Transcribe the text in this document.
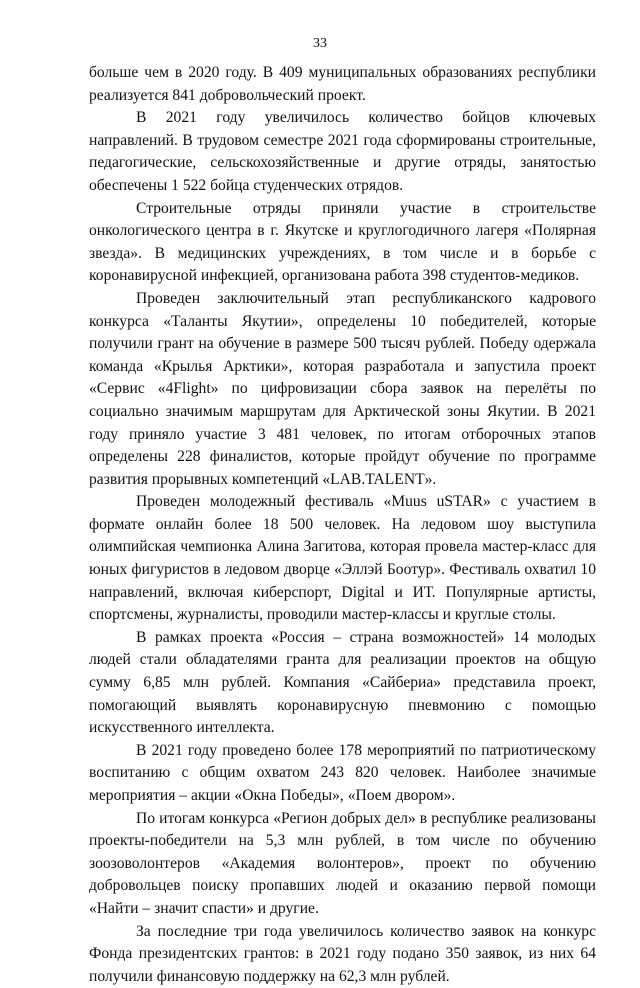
33

больше чем в 2020 году. В 409 муниципальных образованиях республики реализуется 841 добровольческий проект.

В 2021 году увеличилось количество бойцов ключевых направлений. В трудовом семестре 2021 года сформированы строительные, педагогические, сельскохозяйственные и другие отряды, занятостью обеспечены 1 522 бойца студенческих отрядов.

Строительные отряды приняли участие в строительстве онкологического центра в г. Якутске и круглогодичного лагеря «Полярная звезда». В медицинских учреждениях, в том числе и в борьбе с коронавирусной инфекцией, организована работа 398 студентов-медиков.

Проведен заключительный этап республиканского кадрового конкурса «Таланты Якутии», определены 10 победителей, которые получили грант на обучение в размере 500 тысяч рублей. Победу одержала команда «Крылья Арктики», которая разработала и запустила проект «Сервис «4Flight» по цифровизации сбора заявок на перелёты по социально значимым маршрутам для Арктической зоны Якутии. В 2021 году приняло участие 3 481 человек, по итогам отборочных этапов определены 228 финалистов, которые пройдут обучение по программе развития прорывных компетенций «LAB.TALENT».

Проведен молодежный фестиваль «Muus uSTAR» с участием в формате онлайн более 18 500 человек. На ледовом шоу выступила олимпийская чемпионка Алина Загитова, которая провела мастер-класс для юных фигуристов в ледовом дворце «Эллэй Боотур». Фестиваль охватил 10 направлений, включая киберспорт, Digital и ИТ. Популярные артисты, спортсмены, журналисты, проводили мастер-классы и круглые столы.

В рамках проекта «Россия – страна возможностей» 14 молодых людей стали обладателями гранта для реализации проектов на общую сумму 6,85 млн рублей. Компания «Сайбериа» представила проект, помогающий выявлять коронавирусную пневмонию с помощью искусственного интеллекта.

В 2021 году проведено более 178 мероприятий по патриотическому воспитанию с общим охватом 243 820 человек. Наиболее значимые мероприятия – акции «Окна Победы», «Поем двором».

По итогам конкурса «Регион добрых дел» в республике реализованы проекты-победители на 5,3 млн рублей, в том числе по обучению зоозоволонтеров «Академия волонтеров», проект по обучению добровольцев поиску пропавших людей и оказанию первой помощи «Найти – значит спасти» и другие.

За последние три года увеличилось количество заявок на конкурс Фонда президентских грантов: в 2021 году подано 350 заявок, из них 64 получили финансовую поддержку на 62,3 млн рублей.
